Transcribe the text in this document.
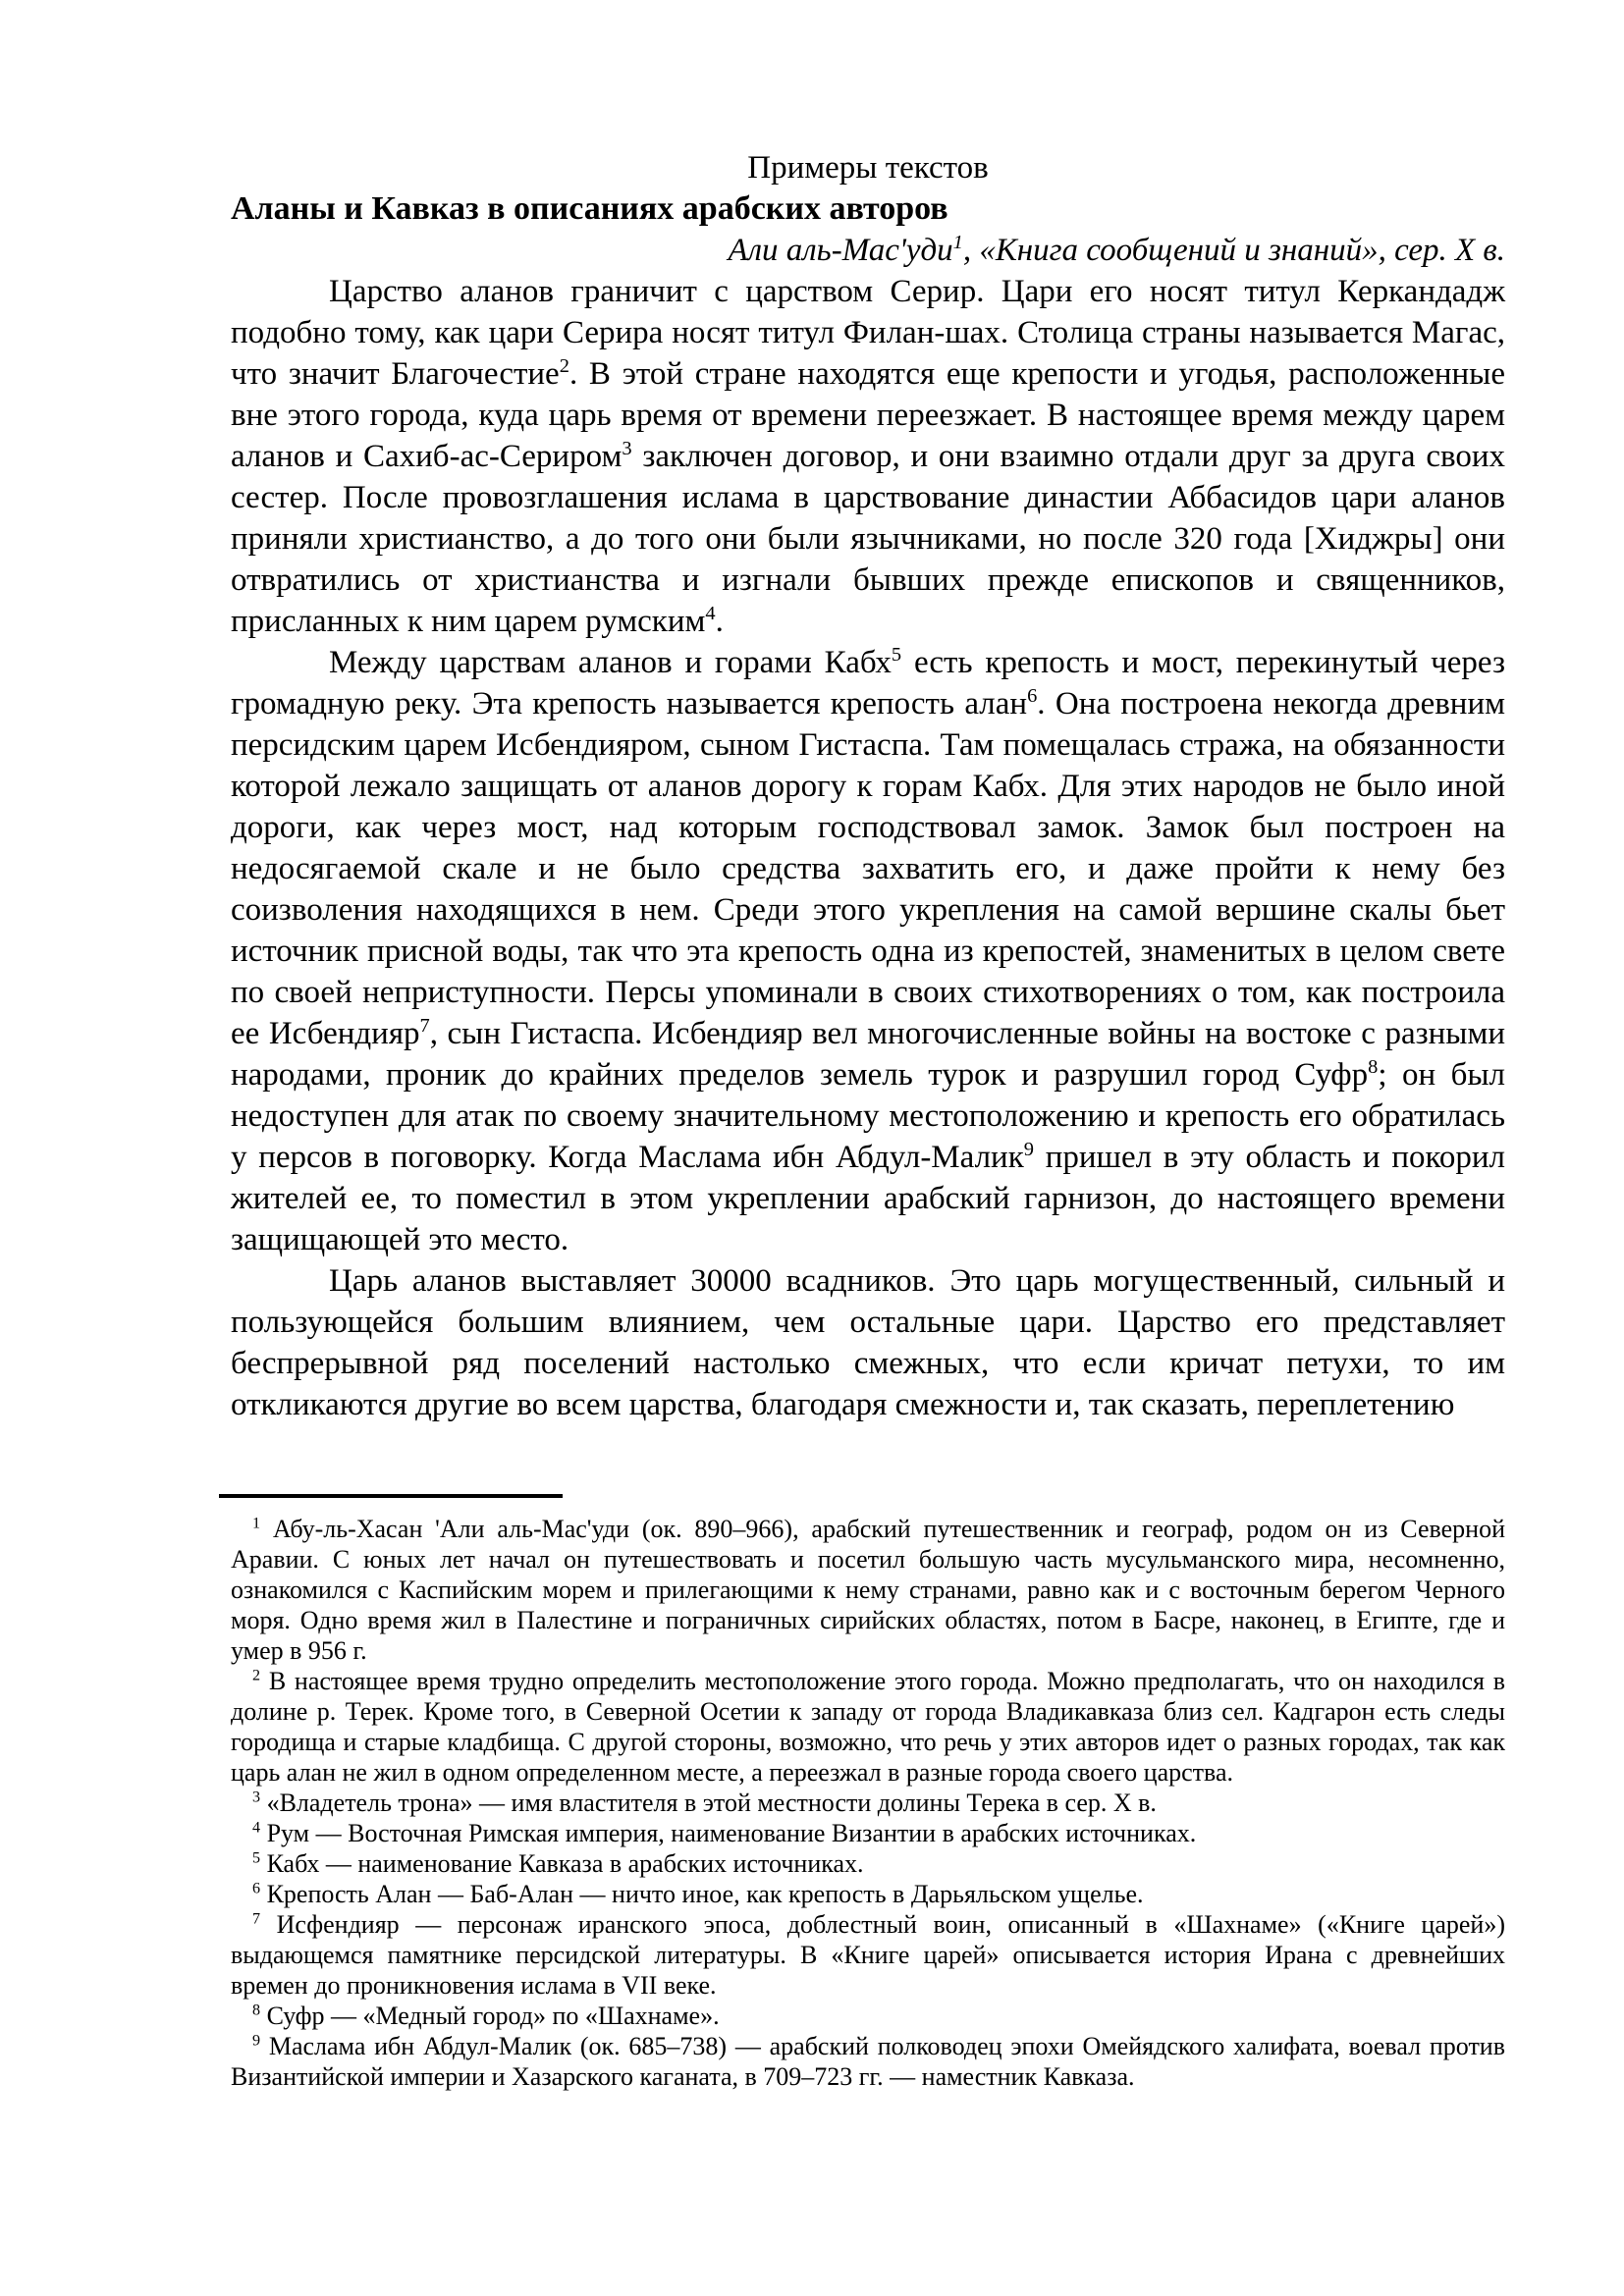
Примеры текстов

Аланы и Кавказ в описаниях арабских авторов

Али аль-Мас'уди$^1$, «Книга сообщений и знаний», сер. X в.

Царство аланов граничит с царством Серир. Цари его носят титул Керкандадж подобно тому, как цари Серира носят титул Филан-шах. Столица страны называется Магас, что значит Благочестие$^2$. В этой стране находятся еще крепости и угодья, расположенные вне этого города, куда царь время от времени переезжает. В настоящее время между царем аланов и Сахиб-ас-Сериром$^3$ заключен договор, и они взаимно отдали друг за друга своих сестер. После провозглашения ислама в царствование династии Аббасидов цари аланов приняли христианство, а до того они были язычниками, но после 320 года [Хиджры] они отвратились от христианства и изгнали бывших прежде епископов и священников, присланных к ним царем румским$^4$.

Между царствам аланов и горами Кабх$^5$ есть крепость и мост, перекинутый через громадную реку. Эта крепость называется крепость алан$^6$. Она построена некогда древним персидским царем Исбендияром, сыном Гистаспа. Там помещалась стража, на обязанности которой лежало защищать от аланов дорогу к горам Кабх. Для этих народов не было иной дороги, как через мост, над которым господствовал замок. Замок был построен на недосягаемой скале и не было средства захватить его, и даже пройти к нему без соизволения находящихся в нем. Среди этого укрепления на самой вершине скалы бьет источник присной воды, так что эта крепость одна из крепостей, знаменитых в целом свете по своей неприступности. Персы упоминали в своих стихотворениях о том, как построила ее Исбендияр$^7$, сын Гистаспа. Исбендияр вел многочисленные войны на востоке с разными народами, проник до крайних пределов земель турок и разрушил город Суфр$^8$; он был недоступен для атак по своему значительному местоположению и крепость его обратилась у персов в поговорку. Когда Маслама ибн Абдул-Малик$^9$ пришел в эту область и покорил жителей ее, то поместил в этом укреплении арабский гарнизон, до настоящего времени защищающей это место.

Царь аланов выставляет 30000 всадников. Это царь могущественный, сильный и пользующейся большим влиянием, чем остальные цари. Царство его представляет беспрерывной ряд поселений настолько смежных, что если кричат петухи, то им откликаются другие во всем царства, благодаря смежности и, так сказать, переплетению

$^1$ Абу-ль-Хасан 'Али аль-Мас'уди (ок. 890–966), арабский путешественник и географ, родом он из Северной Аравии. С юных лет начал он путешествовать и посетил большую часть мусульманского мира, несомненно, ознакомился с Каспийским морем и прилегающими к нему странами, равно как и с восточным берегом Черного моря. Одно время жил в Палестине и пограничных сирийских областях, потом в Басре, наконец, в Египте, где и умер в 956 г.

$^2$ В настоящее время трудно определить местоположение этого города. Можно предполагать, что он находился в долине р. Терек. Кроме того, в Северной Осетии к западу от города Владикавказа близ сел. Кадгарон есть следы городища и старые кладбища. С другой стороны, возможно, что речь у этих авторов идет о разных городах, так как царь алан не жил в одном определенном месте, а переезжал в разные города своего царства.

$^3$ «Владетель трона» — имя властителя в этой местности долины Терека в сер. X в.

$^4$ Рум — Восточная Римская империя, наименование Византии в арабских источниках.

$^5$ Кабх — наименование Кавказа в арабских источниках.

$^6$ Крепость Алан — Баб-Алан — ничто иное, как крепость в Дарьяльском ущелье.

$^7$ Исфендияр — персонаж иранского эпоса, доблестный воин, описанный в «Шахнаме» («Книге царей») выдающемся памятнике персидской литературы. В «Книге царей» описывается история Ирана с древнейших времен до проникновения ислама в VII веке.

$^8$ Суфр — «Медный город» по «Шахнаме».

$^9$ Маслама ибн Абдул-Малик (ок. 685–738) — арабский полководец эпохи Омейядского халифата, воевал против Византийской империи и Хазарского каганата, в 709–723 гг. — наместник Кавказа.
